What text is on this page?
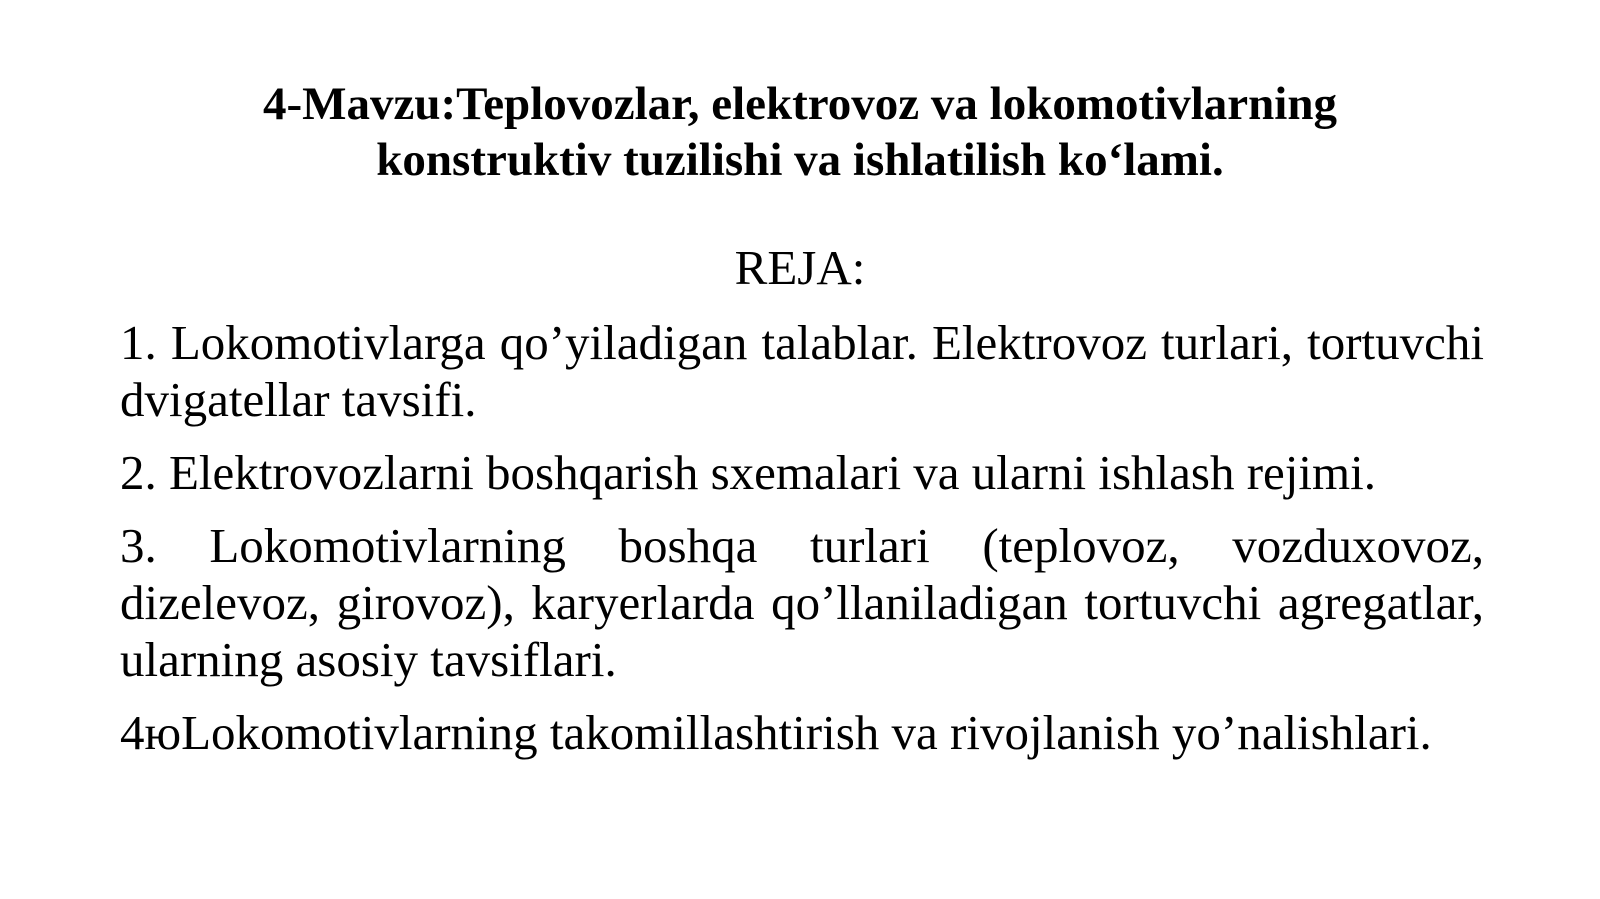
4-Mavzu:Teplovozlar, elektrovoz va lokomotivlarning
konstruktiv tuzilishi va ishlatilish ko‘lami.
REJA:
1. Lokomotivlarga qo’yiladigan talablar. Elektrovoz turlari, tortuvchi dvigatellar tavsifi.
2. Elektrovozlarni boshqarish sxemalari va ularni ishlash rejimi.
3. Lokomotivlarning boshqa turlari (teplovoz, vozduxovoz, dizelevoz, girovoz), karyerlarda qo’llaniladigan tortuvchi agregatlar, ularning asosiy tavsiflari.
4юLokomotivlarning takomillashtirish va rivojlanish yo’nalishlari.
